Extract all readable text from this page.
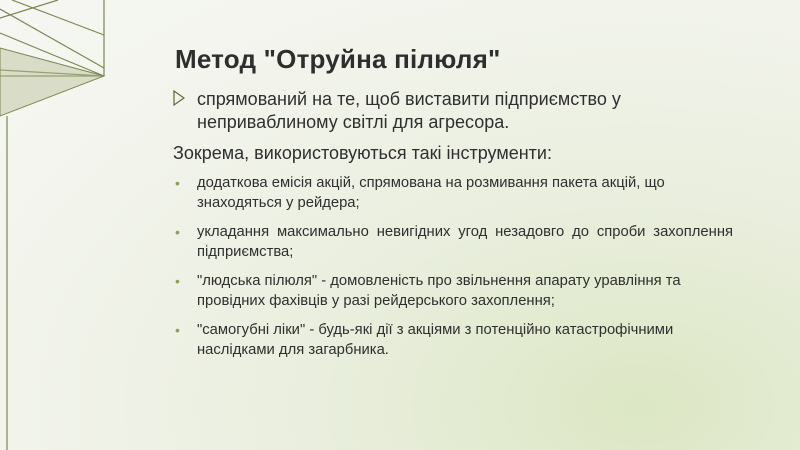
Метод "Отруйна пілюля"
спрямований на те, щоб виставити підприємство у неприваблиному світлі для агресора.
Зокрема, використовуються такі інструменти:
• додаткова емісія акцій, спрямована на розмивання пакета акцій, що знаходяться у рейдера;
• укладання максимально невигідних угод незадовго до спроби захоплення підприємства;
• "людська пілюля" - домовленість про звільнення апарату уравління та провідних фахівців у разі рейдерського захоплення;
• "самогубні ліки" - будь-які дії з акціями з потенційно катастрофічними наслідками для загарбника.
